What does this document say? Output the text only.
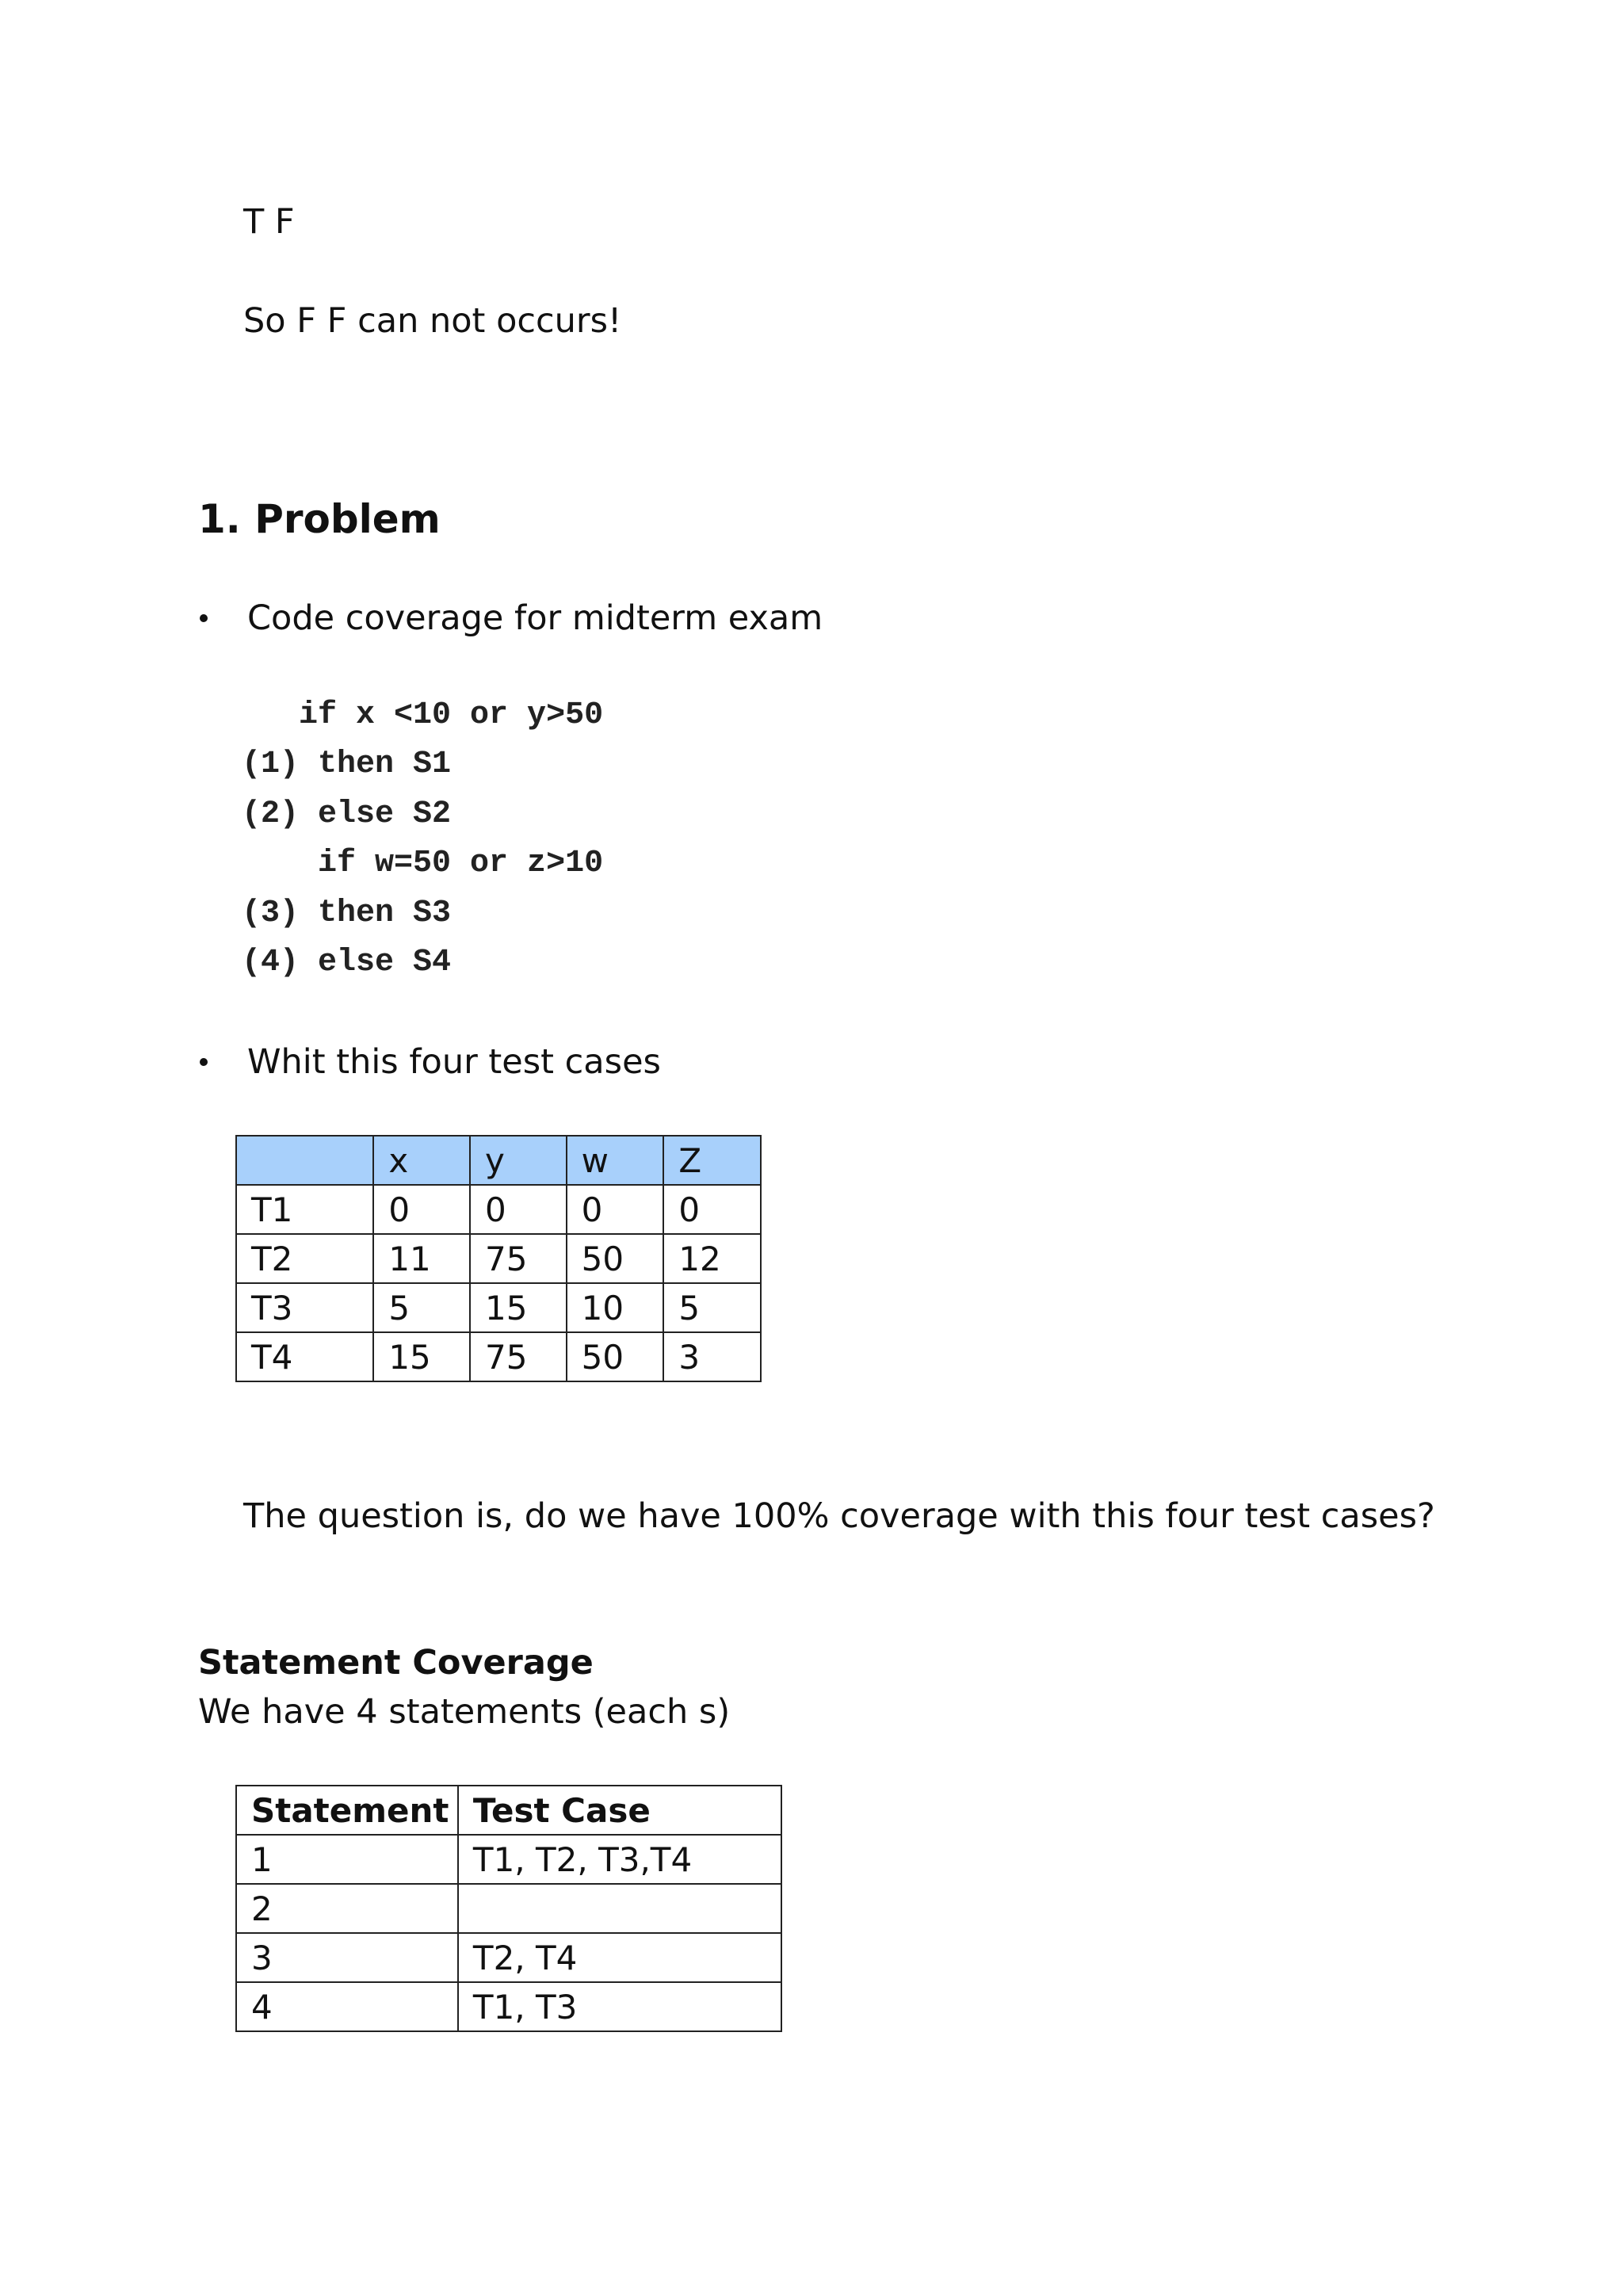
T F
So F F can not occurs!
1. Problem
Code coverage for midterm exam
if x <10 or y>50
(1) then S1
(2) else S2
if w=50 or z>10
(3) then S3
(4) else S4
Whit this four test cases
	x	y	w	Z
T1	0	0	0	0
T2	11	75	50	12
T3	5	15	10	5
T4	15	75	50	3
The question is, do we have 100% coverage with this four test cases?
Statement Coverage
We have 4 statements (each s)
Statement	Test Case
1	T1, T2, T3,T4
2	
3	T2, T4
4	T1, T3
